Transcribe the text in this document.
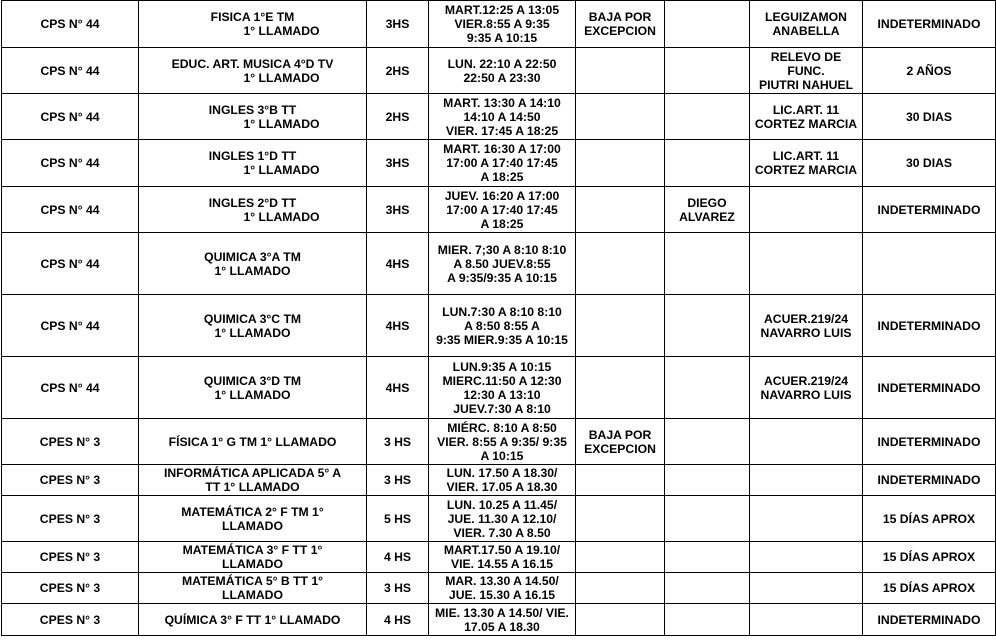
CPS N° 44	FISICA 1°E TM
1° LLAMADO	3HS	MART.12:25 A 13:05
VIER.8:55 A 9:35
9:35 A 10:15	BAJA POR
EXCEPCION		LEGUIZAMON
ANABELLA	INDETERMINADO
CPS N° 44	EDUC. ART. MUSICA 4°D TV
1° LLAMADO	2HS	LUN. 22:10 A 22:50
22:50 A 23:30			RELEVO DE
FUNC.
PIUTRI NAHUEL	2 AÑOS
CPS N° 44	INGLES 3°B TT
1° LLAMADO	2HS	MART. 13:30 A 14:10
14:10 A 14:50
VIER. 17:45 A 18:25			LIC.ART. 11
CORTEZ MARCIA	30 DIAS
CPS N° 44	INGLES 1°D TT
1° LLAMADO	3HS	MART. 16:30 A 17:00
17:00 A 17:40 17:45
A 18:25			LIC.ART. 11
CORTEZ MARCIA	30 DIAS
CPS N° 44	INGLES 2°D TT
1° LLAMADO	3HS	JUEV. 16:20 A 17:00
17:00 A 17:40 17:45
A 18:25		DIEGO
ALVAREZ		INDETERMINADO
CPS N° 44	QUIMICA 3°A TM
1° LLAMADO	4HS	MIER. 7;30 A 8:10 8:10
A 8.50 JUEV.8:55
A 9:35/9:35 A 10:15				

CPS N° 44	QUIMICA 3°C TM
1° LLAMADO	4HS	LUN.7:30 A 8:10 8:10
A 8:50 8:55 A
9:35 MIER.9:35 A 10:15			ACUER.219/24
NAVARRO LUIS	INDETERMINADO
CPS N° 44	QUIMICA 3°D TM
1° LLAMADO	4HS	LUN.9:35 A 10:15
MIERC.11:50 A 12:30
12:30 A 13:10
JUEV.7:30 A 8:10			ACUER.219/24
NAVARRO LUIS	INDETERMINADO
CPES N° 3	FÍSICA 1° G TM 1° LLAMADO	3 HS	MIÉRC. 8:10 A 8:50
VIER. 8:55 A 9:35/ 9:35
A 10:15	BAJA POR
EXCEPCION			INDETERMINADO
CPES N° 3	INFORMÁTICA APLICADA 5° A
TT 1° LLAMADO	3 HS	LUN. 17.50 A 18.30/
VIER. 17.05 A 18.30				INDETERMINADO
CPES N° 3	MATEMÁTICA 2° F TM 1°
LLAMADO	5 HS	LUN. 10.25 A 11.45/
JUE. 11.30 A 12.10/
VIER. 7.30 A 8.50				15 DÍAS APROX
CPES N° 3	MATEMÁTICA 3° F TT 1°
LLAMADO	4 HS	MART.17.50 A 19.10/
VIE. 14.55 A 16.15				15 DÍAS APROX
CPES N° 3	MATEMÁTICA 5° B TT 1°
LLAMADO	3 HS	MAR. 13.30 A 14.50/
JUE. 15.30 A 16.15				15 DÍAS APROX
CPES N° 3	QUÍMICA 3° F TT 1° LLAMADO	4 HS	MIE. 13.30 A 14.50/ VIE.
17.05 A 18.30				INDETERMINADO
